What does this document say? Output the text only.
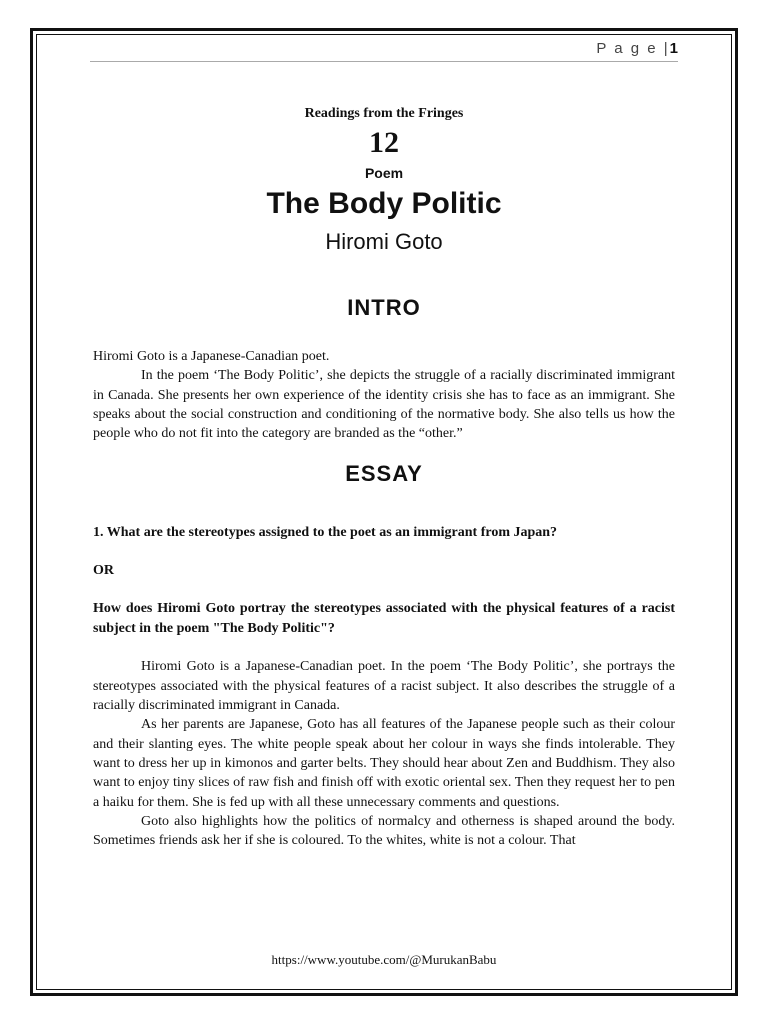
P a g e |1
Readings from the Fringes
12
Poem
The Body Politic
Hiromi Goto
INTRO

Hiromi Goto is a Japanese-Canadian poet.

In the poem ‘The Body Politic’, she depicts the struggle of a racially discriminated immigrant in Canada. She presents her own experience of the identity crisis she has to face as an immigrant. She speaks about the social construction and conditioning of the normative body. She also tells us how the people who do not fit into the category are branded as the “other.”

ESSAY

1. What are the stereotypes assigned to the poet as an immigrant from Japan?

OR

How does Hiromi Goto portray the stereotypes associated with the physical features of a racist subject in the poem "The Body Politic"?

Hiromi Goto is a Japanese-Canadian poet. In the poem ‘The Body Politic’, she portrays the stereotypes associated with the physical features of a racist subject. It also describes the struggle of a racially discriminated immigrant in Canada.

As her parents are Japanese, Goto has all features of the Japanese people such as their colour and their slanting eyes. The white people speak about her colour in ways she finds intolerable. They want to dress her up in kimonos and garter belts. They should hear about Zen and Buddhism. They also want to enjoy tiny slices of raw fish and finish off with exotic oriental sex. Then they request her to pen a haiku for them. She is fed up with all these unnecessary comments and questions.

Goto also highlights how the politics of normalcy and otherness is shaped around the body. Sometimes friends ask her if she is coloured. To the whites, white is not a colour. That

https://www.youtube.com/@MurukanBabu
